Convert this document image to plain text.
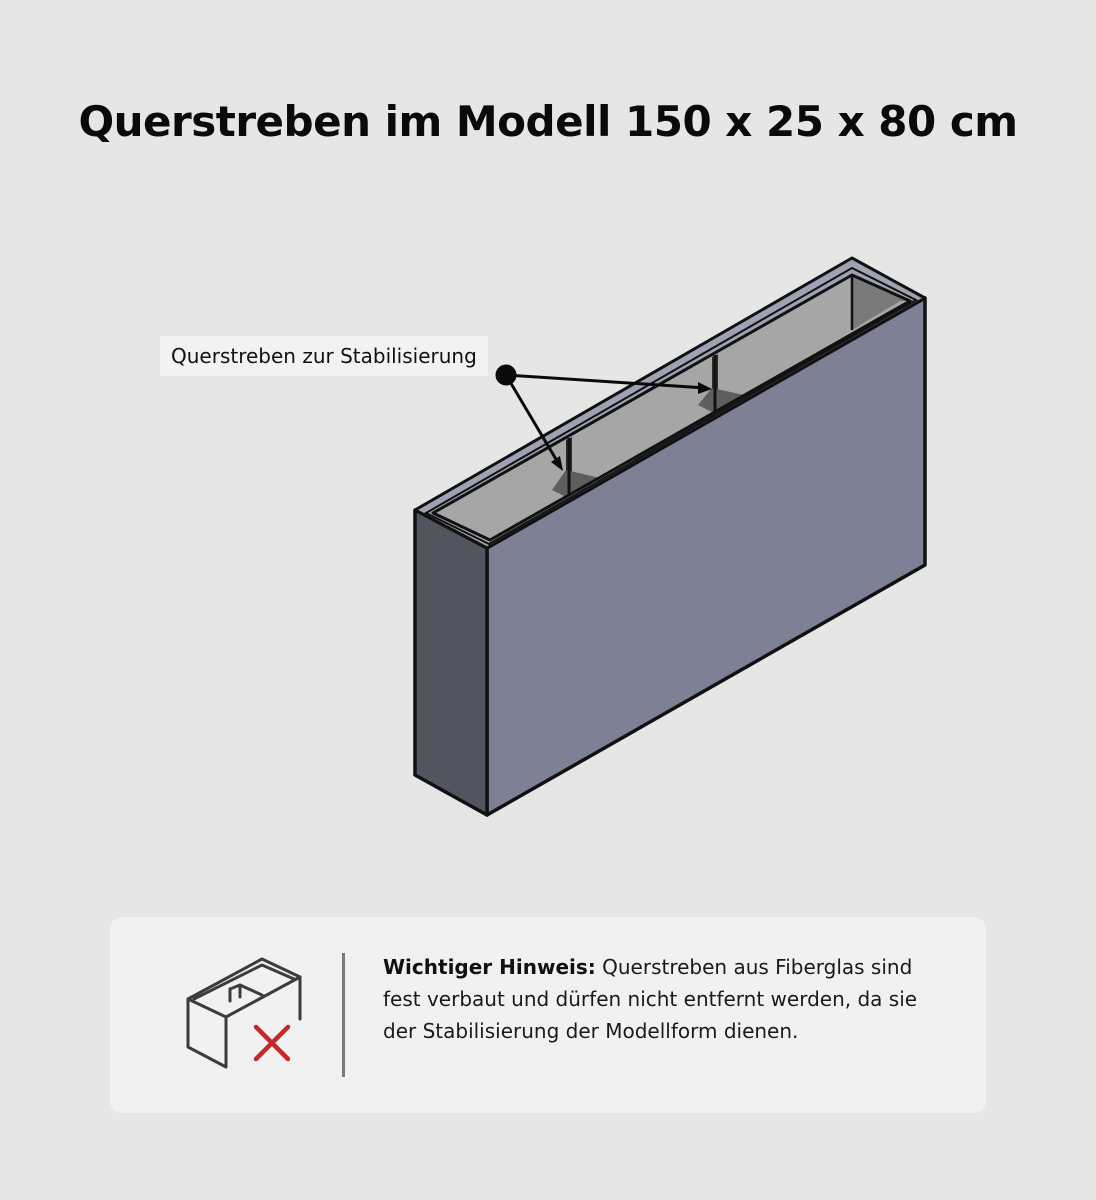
Querstreben im Modell 150 x 25 x 80 cm
Querstreben zur Stabilisierung
Wichtiger Hinweis: Querstreben aus Fiberglas sind fest verbaut und dürfen nicht entfernt werden, da sie der Stabilisierung der Modellform dienen.
